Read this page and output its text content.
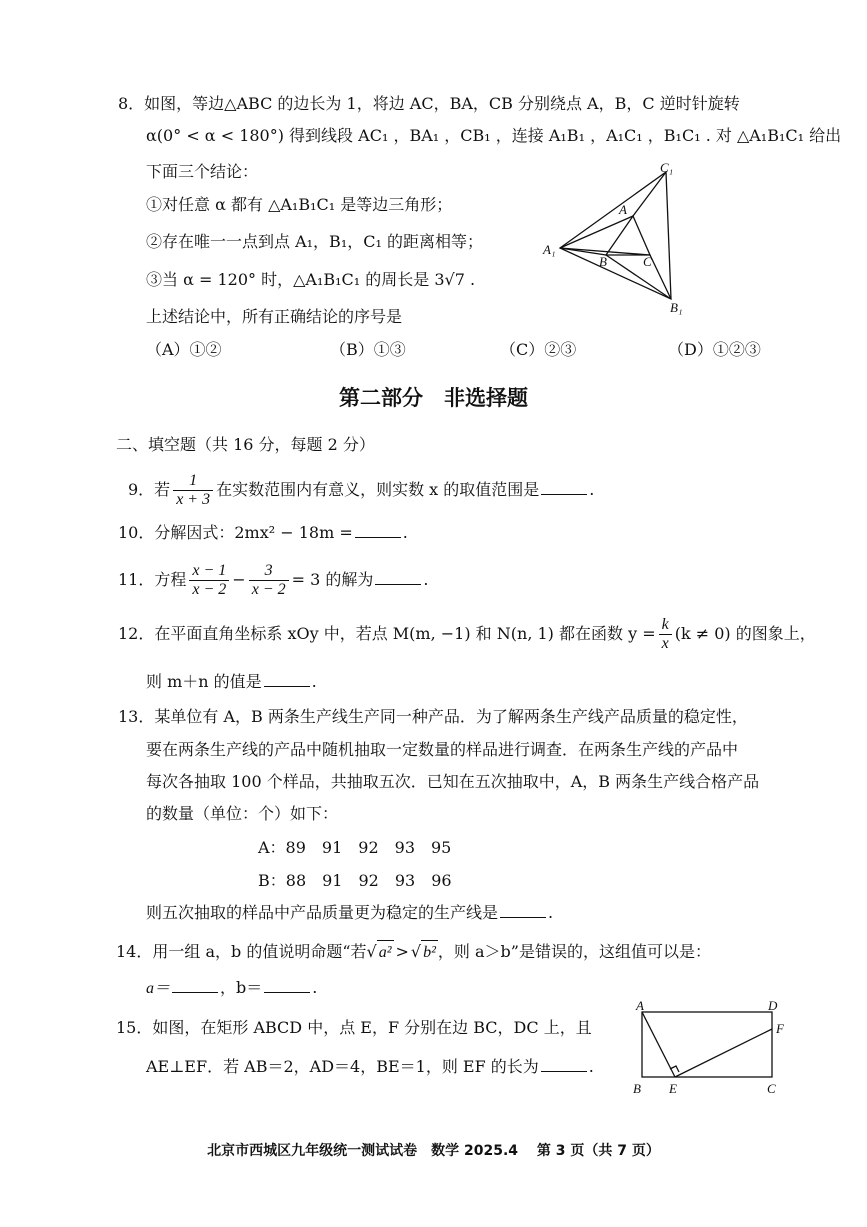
8．如图，等边△ABC 的边长为 1，将边 AC，BA，CB 分别绕点 A，B，C 逆时针旋转
α(0° < α < 180°) 得到线段 AC₁ ，BA₁ ，CB₁ ，连接 A₁B₁ ，A₁C₁ ，B₁C₁ . 对 △A₁B₁C₁ 给出
下面三个结论：
①对任意 α 都有 △A₁B₁C₁ 是等边三角形；
②存在唯一一点到点 A₁，B₁，C₁ 的距离相等；
③当 α = 120° 时，△A₁B₁C₁ 的周长是 3√7 .
上述结论中，所有正确结论的序号是
（A）①②	（B）①③	（C）②③	（D）①②③
C₁
A
A₁
B	C
B₁
第二部分　非选择题
二、填空题（共 16 分，每题 2 分）
9．若 $\frac{1}{x + 3}$ 在实数范围内有意义，则实数 x 的取值范围是	.
10．分解因式：2mx² − 18m =	.
11．方程 $\frac{x - 1}{x - 2} - \frac{3}{x - 2} = 3$ 的解为	.
12．在平面直角坐标系 xOy 中，若点 M(m, −1) 和 N(n, 1) 都在函数 $y = \frac{k}{x} (k \ne 0)$ 的图象上，
则 m＋n 的值是	.
13．某单位有 A，B 两条生产线生产同一种产品．为了解两条生产线产品质量的稳定性，
要在两条生产线的产品中随机抽取一定数量的样品进行调查．在两条生产线的产品中
每次各抽取 100 个样品，共抽取五次．已知在五次抽取中，A，B 两条生产线合格产品
的数量（单位：个）如下：
A：89　91　92　93　95
B：88　91　92　93　96
则五次抽取的样品中产品质量更为稳定的生产线是	.
14．用一组 a，b 的值说明命题“若√ a² > √ b² ，则 a＞b”是错误的，这组值可以是：
a＝	，b＝	.
15．如图，在矩形 ABCD 中，点 E，F 分别在边 BC，DC 上，且
AE⊥EF．若 AB＝2，AD＝4，BE＝1，则 EF 的长为	.
A	D
F
B E	C
北京市西城区九年级统一测试试卷　数学 2025.4　 第 3 页（共 7 页）
